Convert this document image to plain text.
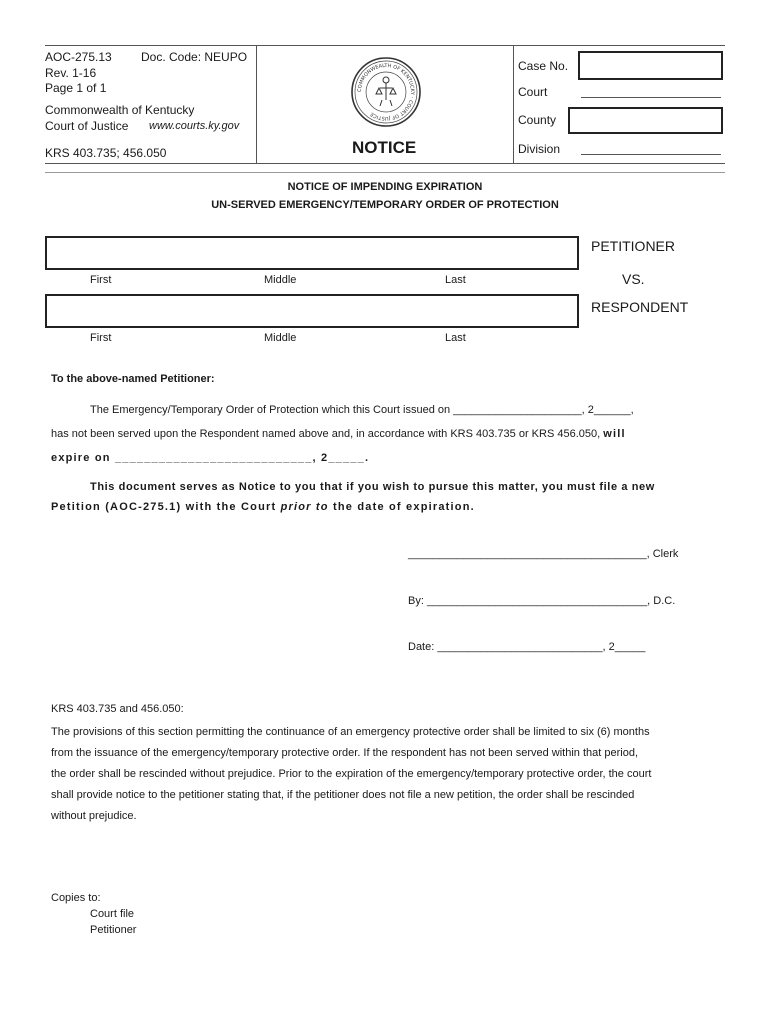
AOC-275.13 Doc. Code: NEUPO
Rev. 1-16
Page 1 of 1
Commonwealth of Kentucky
Court of Justice www.courts.ky.gov
KRS 403.735; 456.050
COMMONWEALTH OF KENTUCKY · COURT OF JUSTICE
NOTICE
Case No.
Court
County
Division
NOTICE OF IMPENDING EXPIRATION
UN-SERVED EMERGENCY/TEMPORARY ORDER OF PROTECTION
PETITIONER
First	Middle	Last	VS.
RESPONDENT
First	Middle	Last
To the above-named Petitioner:
The Emergency/Temporary Order of Protection which this Court issued on _____________________, 2______,
has not been served upon the Respondent named above and, in accordance with KRS 403.735 or KRS 456.050, will
expire on ___________________________, 2_____.
This document serves as Notice to you that if you wish to pursue this matter, you must file a new
Petition (AOC-275.1) with the Court prior to the date of expiration.
_______________________________________, Clerk
By: ____________________________________, D.C.
Date: ___________________________, 2_____
KRS 403.735 and 456.050:
The provisions of this section permitting the continuance of an emergency protective order shall be limited to six (6) months
from the issuance of the emergency/temporary protective order. If the respondent has not been served within that period,
the order shall be rescinded without prejudice. Prior to the expiration of the emergency/temporary protective order, the court
shall provide notice to the petitioner stating that, if the petitioner does not file a new petition, the order shall be rescinded
without prejudice.
Copies to:
Court file
Petitioner
